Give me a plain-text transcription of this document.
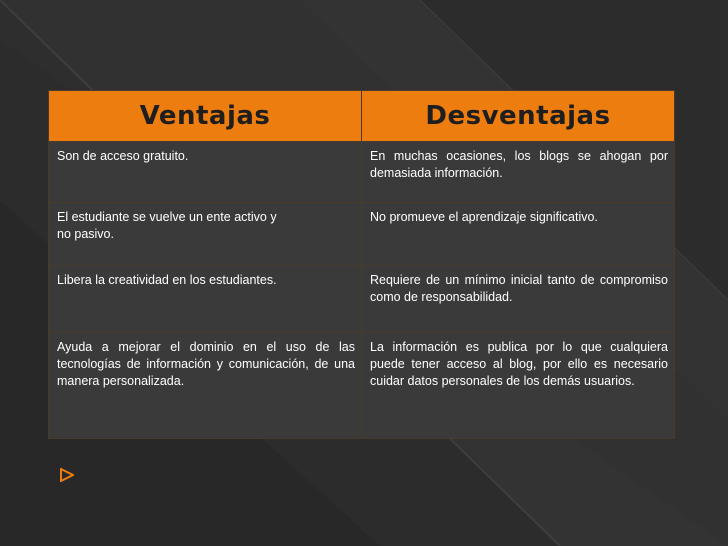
Ventajas	Desventajas
Son de acceso gratuito.	En muchas ocasiones, los blogs se ahogan por demasiada información.
El estudiante se vuelve un ente activo y no pasivo.	No promueve el aprendizaje significativo.
Libera la creatividad en los estudiantes.	Requiere de un mínimo inicial tanto de compromiso como de responsabilidad.
Ayuda a mejorar el dominio en el uso de las tecnologías de información y comunicación, de una manera personalizada.	La información es publica por lo que cualquiera puede tener acceso al blog, por ello es necesario cuidar datos personales de los demás usuarios.
